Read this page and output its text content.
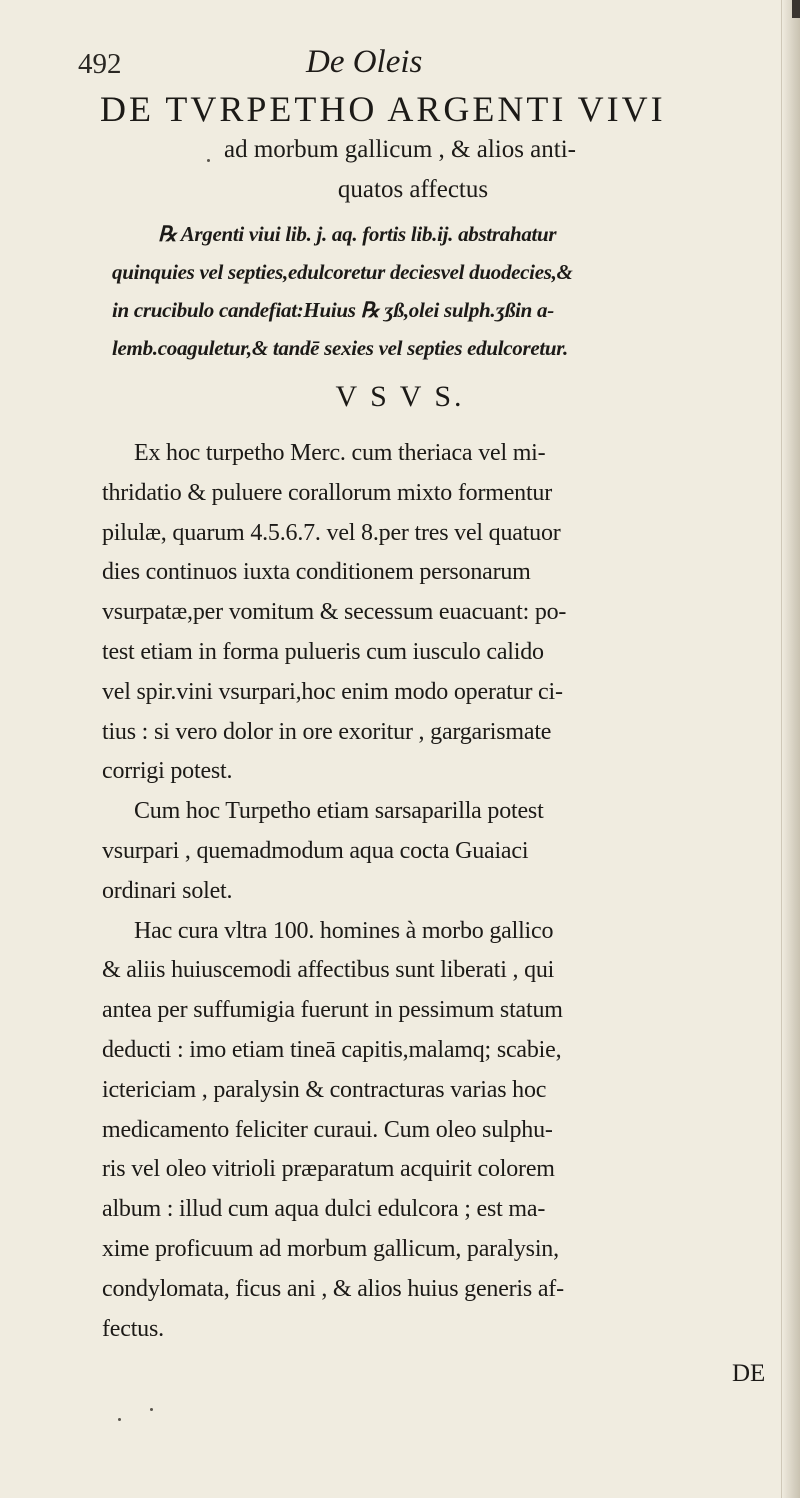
492	De Oleis
DE TVRPETHO ARGENTI VIVI
ad morbum gallicum , & alios anti-
quatos affectus
℞ Argenti viui lib. j. aq. fortis lib.ij. abstrahatur
quinquies vel septies,edulcoretur deciesvel duodecies,&
in crucibulo candefiat:Huius ℞ ʒß,olei sulph.ʒßin a-
lemb.coaguletur,& tandē sexies vel septies edulcoretur.
V S V S.
Ex hoc turpetho Merc. cum theriaca vel mi-
thridatio & puluere corallorum mixto formentur
pilulæ, quarum 4.5.6.7. vel 8.per tres vel quatuor
dies continuos iuxta conditionem personarum
vsurpatæ,per vomitum & secessum euacuant: po-
test etiam in forma pulueris cum iusculo calido
vel spir.vini vsurpari,hoc enim modo operatur ci-
tius : si vero dolor in ore exoritur , gargarismate
corrigi potest.
Cum hoc Turpetho etiam sarsaparilla potest
vsurpari , quemadmodum aqua cocta Guaiaci
ordinari solet.
Hac cura vltra 100. homines à morbo gallico
& aliis huiuscemodi affectibus sunt liberati , qui
antea per suffumigia fuerunt in pessimum statum
deducti : imo etiam tineā capitis,malamq; scabie,
ictericiam , paralysin & contracturas varias hoc
medicamento feliciter curaui. Cum oleo sulphu-
ris vel oleo vitrioli præparatum acquirit colorem
album : illud cum aqua dulci edulcora ; est ma-
xime proficuum ad morbum gallicum, paralysin,
condylomata, ficus ani , & alios huius generis af-
fectus.
DE
